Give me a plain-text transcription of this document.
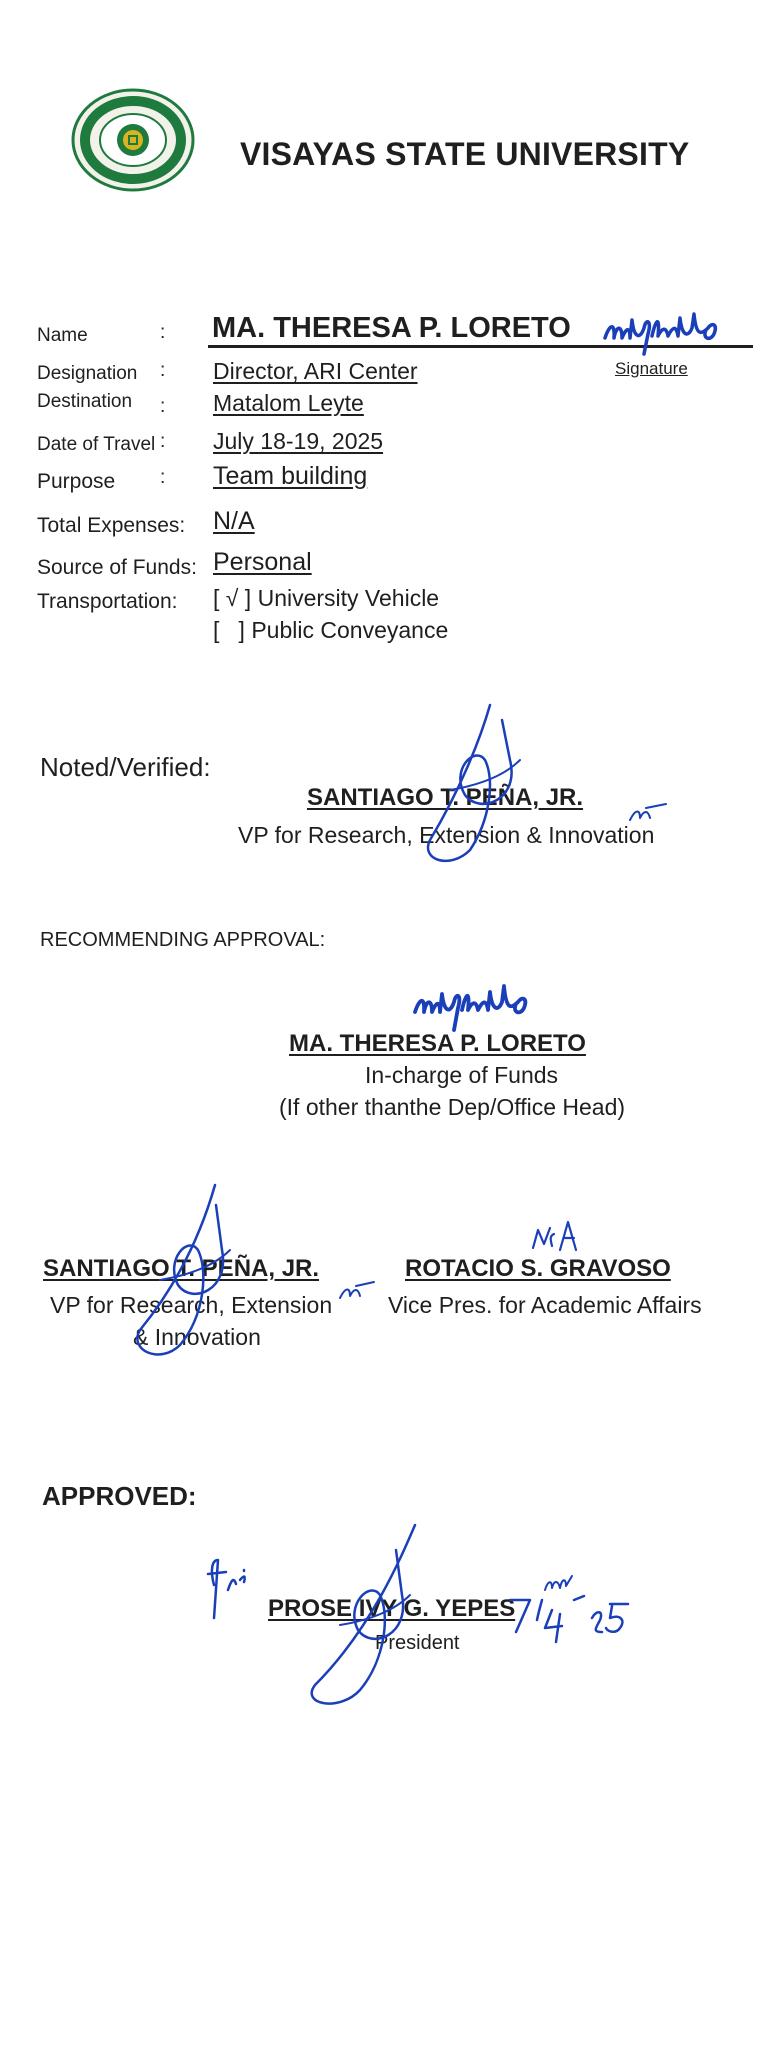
VISAYAS STATE UNIVERSITY
Name	: MA. THERESA P. LORETO
Signature
Designation : Director, ARI Center
Destination : Matalom Leyte
Date of Travel : July 18-19, 2025
Purpose : Team building
Total Expenses: N/A
Source of Funds: Personal
Transportation: [ √ ] University Vehicle
[   ] Public Conveyance
Noted/Verified:
SANTIAGO T. PEÑA, JR.
VP for Research, Extension & Innovation
RECOMMENDING APPROVAL:
MA. THERESA P. LORETO
In-charge of Funds
(If other thanthe Dep/Office Head)
SANTIAGO T. PEÑA, JR.
VP for Research, Extension
& Innovation
ROTACIO S. GRAVOSO
Vice Pres. for Academic Affairs
APPROVED:
PROSE IVY G. YEPES
President
